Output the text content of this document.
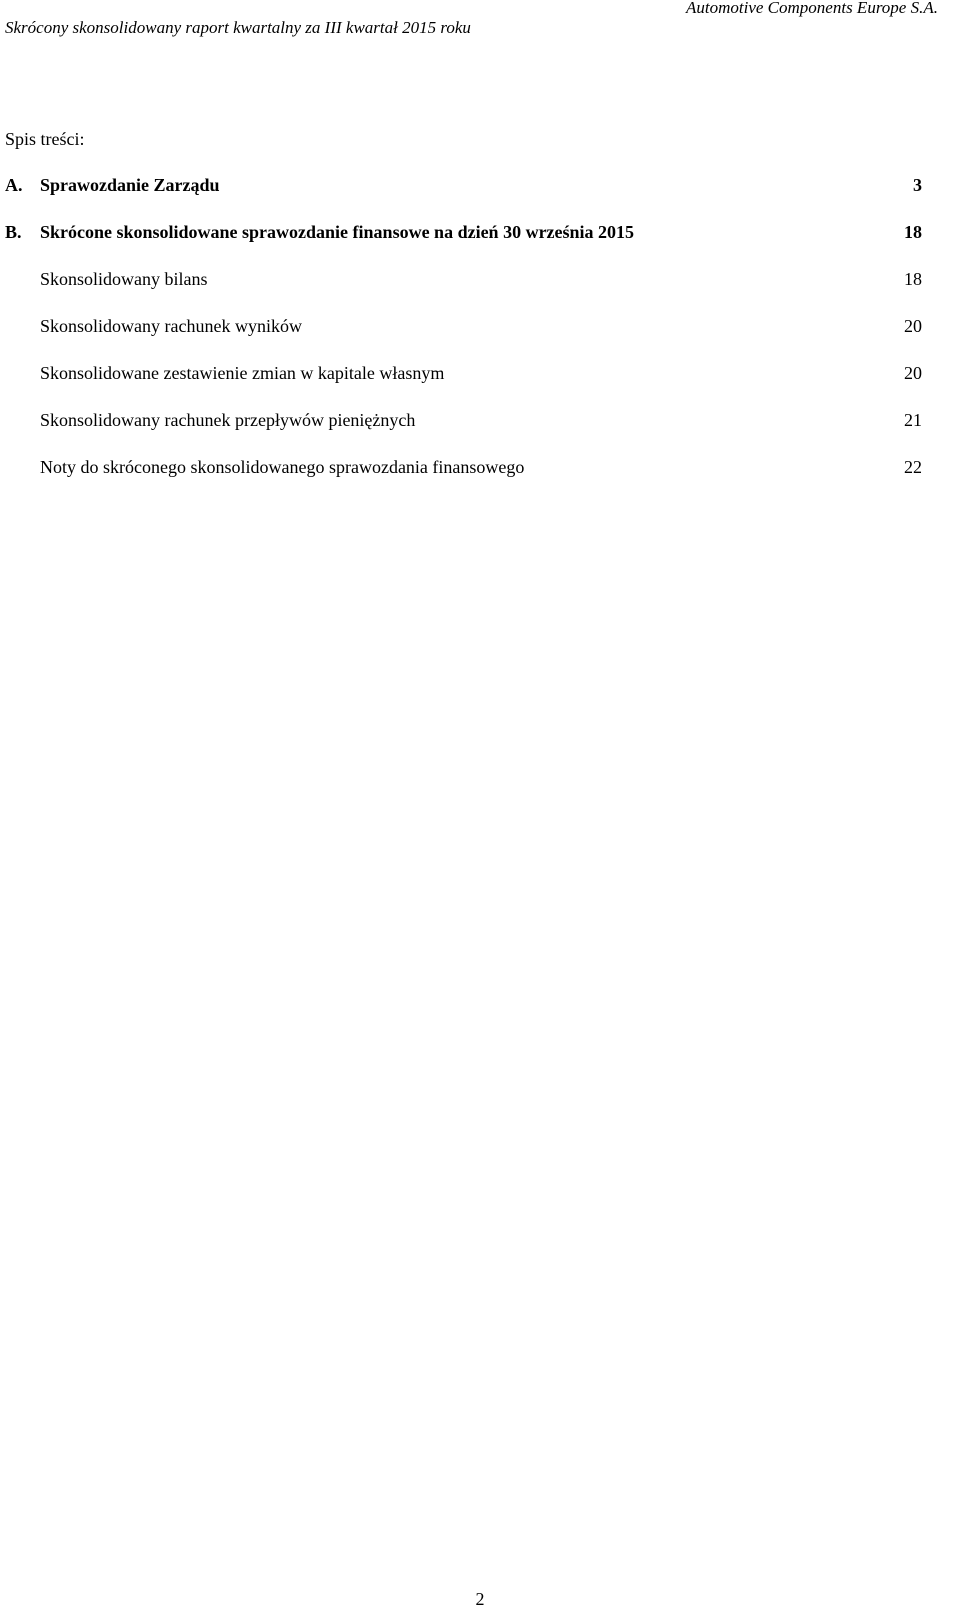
Automotive Components Europe S.A.
Skrócony skonsolidowany raport kwartalny za III kwartał 2015 roku
Spis treści:
A. Sprawozdanie Zarządu	3
B. Skrócone skonsolidowane sprawozdanie finansowe na dzień 30 września 2015	18
Skonsolidowany bilans	18
Skonsolidowany rachunek wyników	20
Skonsolidowane zestawienie zmian w kapitale własnym	20
Skonsolidowany rachunek przepływów pieniężnych	21
Noty do skróconego skonsolidowanego sprawozdania finansowego	22
2
